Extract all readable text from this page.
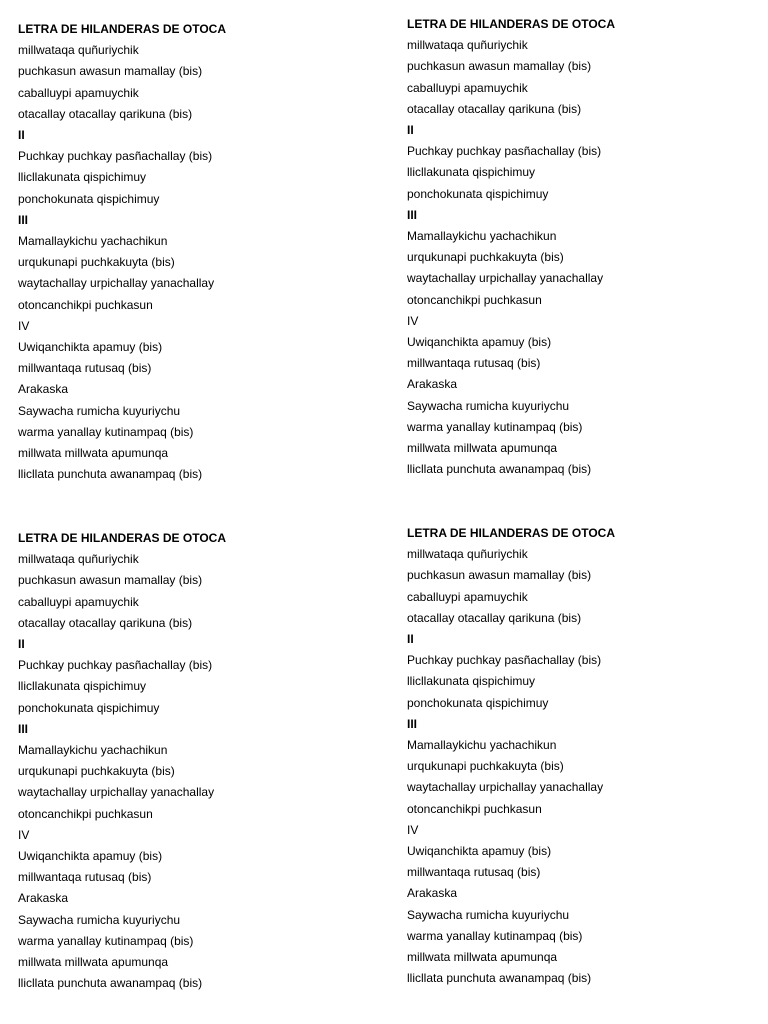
LETRA DE HILANDERAS DE OTOCA
millwataqa quñuriychik
puchkasun awasun mamallay (bis)
caballuypi apamuychik
otacallay otacallay qarikuna (bis)
II
Puchkay puchkay pasñachallay (bis)
llicllakunata qispichimuy
ponchokunata qispichimuy
III
Mamallaykichu yachachikun
urqukunapi puchkakuyta (bis)
waytachallay urpichallay yanachallay
otoncanchikpi puchkasun
IV
Uwiqanchikta apamuy (bis)
millwantaqa rutusaq (bis)
Arakaska
Saywacha rumicha kuyuriychu
warma yanallay kutinampaq (bis)
millwata millwata apumunqa
llicllata punchuta awanampaq (bis)
LETRA DE HILANDERAS DE OTOCA
millwataqa quñuriychik
puchkasun awasun mamallay (bis)
caballuypi apamuychik
otacallay otacallay qarikuna (bis)
II
Puchkay puchkay pasñachallay (bis)
llicllakunata qispichimuy
ponchokunata qispichimuy
III
Mamallaykichu yachachikun
urqukunapi puchkakuyta (bis)
waytachallay urpichallay yanachallay
otoncanchikpi puchkasun
IV
Uwiqanchikta apamuy (bis)
millwantaqa rutusaq (bis)
Arakaska
Saywacha rumicha kuyuriychu
warma yanallay kutinampaq (bis)
millwata millwata apumunqa
llicllata punchuta awanampaq (bis)
LETRA DE HILANDERAS DE OTOCA
millwataqa quñuriychik
puchkasun awasun mamallay (bis)
caballuypi apamuychik
otacallay otacallay qarikuna (bis)
II
Puchkay puchkay pasñachallay (bis)
llicllakunata qispichimuy
ponchokunata qispichimuy
III
Mamallaykichu yachachikun
urqukunapi puchkakuyta (bis)
waytachallay urpichallay yanachallay
otoncanchikpi puchkasun
IV
Uwiqanchikta apamuy (bis)
millwantaqa rutusaq (bis)
Arakaska
Saywacha rumicha kuyuriychu
warma yanallay kutinampaq (bis)
millwata millwata apumunqa
llicllata punchuta awanampaq (bis)
LETRA DE HILANDERAS DE OTOCA
millwataqa quñuriychik
puchkasun awasun mamallay (bis)
caballuypi apamuychik
otacallay otacallay qarikuna (bis)
II
Puchkay puchkay pasñachallay (bis)
llicllakunata qispichimuy
ponchokunata qispichimuy
III
Mamallaykichu yachachikun
urqukunapi puchkakuyta (bis)
waytachallay urpichallay yanachallay
otoncanchikpi puchkasun
IV
Uwiqanchikta apamuy (bis)
millwantaqa rutusaq (bis)
Arakaska
Saywacha rumicha kuyuriychu
warma yanallay kutinampaq (bis)
millwata millwata apumunqa
llicllata punchuta awanampaq (bis)
